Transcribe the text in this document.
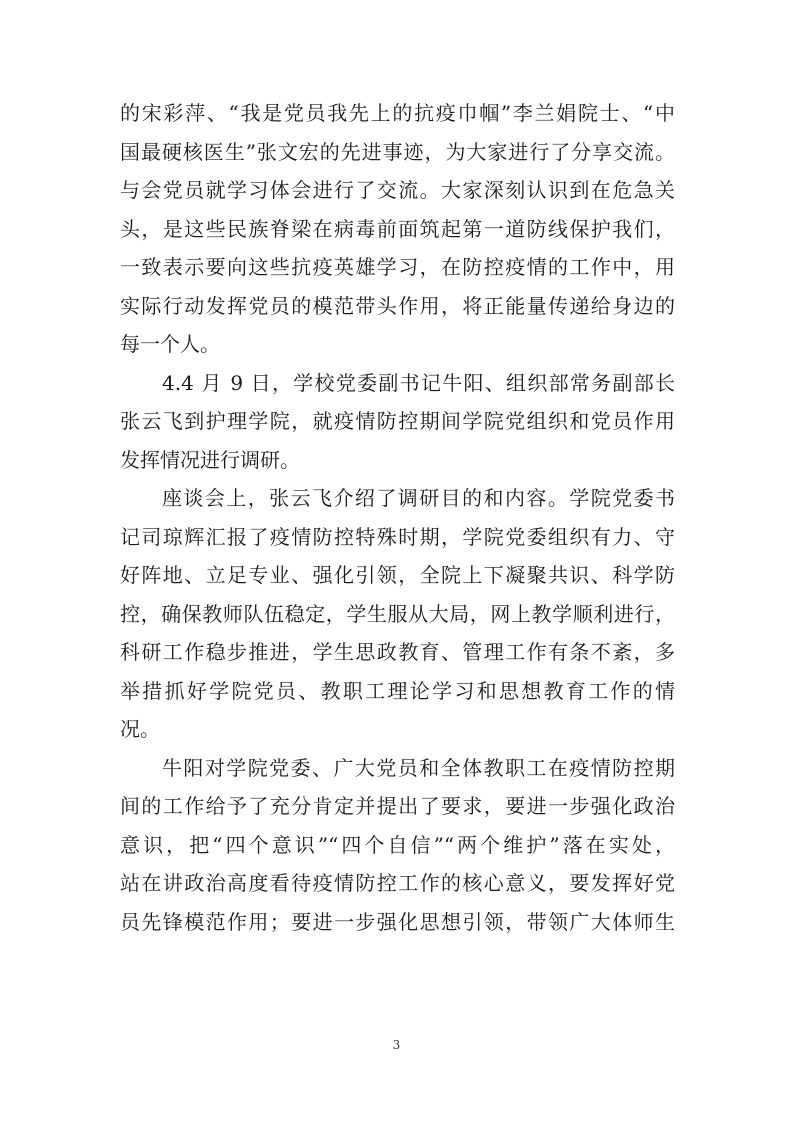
的宋彩萍、“我是党员我先上的抗疫巾帼”李兰娟院士、“中
国最硬核医生”张文宏的先进事迹，为大家进行了分享交流。
与会党员就学习体会进行了交流。大家深刻认识到在危急关
头，是这些民族脊梁在病毒前面筑起第一道防线保护我们，
一致表示要向这些抗疫英雄学习，在防控疫情的工作中，用
实际行动发挥党员的模范带头作用，将正能量传递给身边的
每一个人。
4.4 月 9 日，学校党委副书记牛阳、组织部常务副部长
张云飞到护理学院，就疫情防控期间学院党组织和党员作用
发挥情况进行调研。
座谈会上，张云飞介绍了调研目的和内容。学院党委书
记司琼辉汇报了疫情防控特殊时期，学院党委组织有力、守
好阵地、立足专业、强化引领，全院上下凝聚共识、科学防
控，确保教师队伍稳定，学生服从大局，网上教学顺利进行，
科研工作稳步推进，学生思政教育、管理工作有条不紊，多
举措抓好学院党员、教职工理论学习和思想教育工作的情
况。
牛阳对学院党委、广大党员和全体教职工在疫情防控期
间的工作给予了充分肯定并提出了要求，要进一步强化政治
意识，把“四个意识”“四个自信”“两个维护”落在实处，
站在讲政治高度看待疫情防控工作的核心意义，要发挥好党
员先锋模范作用；要进一步强化思想引领，带领广大体师生
3
